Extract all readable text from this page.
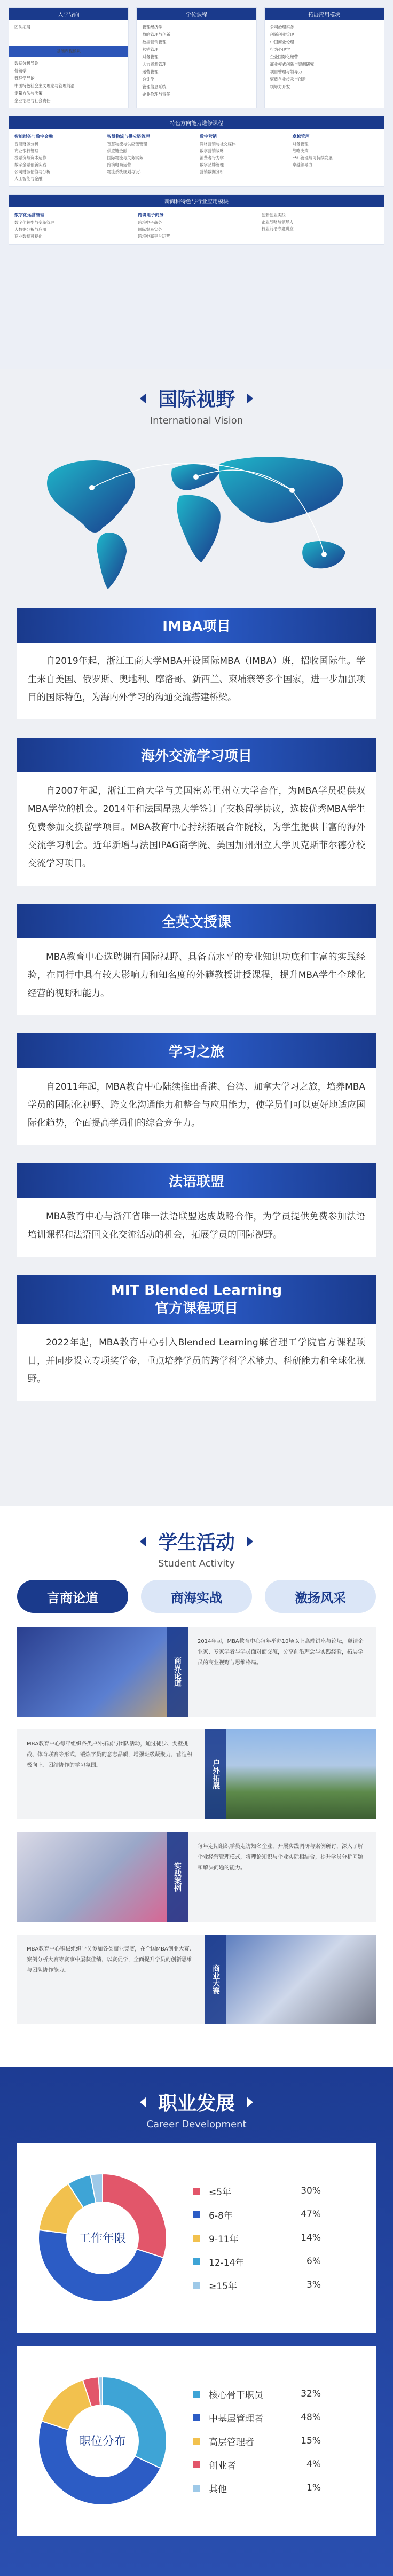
入学导向
团队拓展
基础课程模块
数据分析导论
营销学
管理学导论
中国特色社会主义理论与管理前沿
定量方法与决策
企业治理与社会责任
学位课程
管理经济学
战略管理与创新
数据营销管理
营销管理
财务管理
人力资源管理
运营管理
会计学
管理信息系统
企业伦理与责任
拓展应用模块
公司治理实务
创新创业管理
中国商业伦理
行为心理学
企业国际化经营
商业模式创新与案例研究
项目管理与领导力
家族企业传承与创新
领导力开发
特色方向能力选修课程
智能财务与数字金融
智能财务分析
商业银行管理
投融资与资本运作
数字金融创新实践
公司财务估值与分析
人工智能与金融
智慧物流与供应链管理
智慧物流与供应链管理
供应链金融
国际物流与关务实务
跨境电商运营
物流系统规划与设计
数字营销
网络营销与社交媒体
数字营销战略
消费者行为学
数字品牌管理
营销数据分析
卓越管理
财务管理
战略决策
ESG管理与可持续发展
卓越领导力
新商科特色与行业应用模块
数字化运营管理
数字化转型与变革管理
大数据分析与应用
商业数据可视化
跨境电子商务
跨境电子商务
国际贸易实务
跨境电商平台运营
创新创业实践
企业战略与领导力
行业前沿专题讲座
国际视野
International Vision
IMBA项目
自2019年起，浙江工商大学MBA开设国际MBA（IMBA）班，招收国际生。学生来自美国、俄罗斯、奥地利、摩洛哥、新西兰、柬埔寨等多个国家，进一步加强项目的国际特色，为海内外学习的沟通交流搭建桥梁。
海外交流学习项目
自2007年起，浙江工商大学与美国密苏里州立大学合作，为MBA学员提供双MBA学位的机会。2014年和法国昂热大学签订了交换留学协议，选拔优秀MBA学生免费参加交换留学项目。MBA教育中心持续拓展合作院校，为学生提供丰富的海外交流学习机会。近年新增与法国IPAG商学院、美国加州州立大学贝克斯菲尔德分校交流学习项目。
全英文授课
MBA教育中心选聘拥有国际视野、具备高水平的专业知识功底和丰富的实践经验，在同行中具有较大影响力和知名度的外籍教授讲授课程，提升MBA学生全球化经营的视野和能力。
学习之旅
自2011年起，MBA教育中心陆续推出香港、台湾、加拿大学习之旅，培养MBA学员的国际化视野、跨文化沟通能力和整合与应用能力，使学员们可以更好地适应国际化趋势，全面提高学员们的综合竞争力。
法语联盟
MBA教育中心与浙江省唯一法语联盟达成战略合作，为学员提供免费参加法语培训课程和法语国文化交流活动的机会，拓展学员的国际视野。
MIT Blended Learning
官方课程项目
2022年起，MBA教育中心引入Blended Learning麻省理工学院官方课程项目，并同步设立专项奖学金，重点培养学员的跨学科学术能力、科研能力和全球化视野。
学生活动
Student Activity
言商论道	商海实战	激扬风采
商界论道
2014年起，MBA教育中心每年举办10场以上高端讲座与论坛，邀请企业家、专家学者与学员面对面交流，分享前沿理念与实践经验，拓展学员的商业视野与思维格局。
MBA教育中心每年组织各类户外拓展与团队活动，通过徒步、戈壁挑战、体育联赛等形式，锻炼学员的意志品质，增强班级凝聚力，营造积极向上、团结协作的学习氛围。	户外拓展
实践案例
每年定期组织学员走访知名企业，开展实践调研与案例研讨，深入了解企业经营管理模式，将理论知识与企业实际相结合，提升学员分析问题和解决问题的能力。
MBA教育中心积极组织学员参加各类商业竞赛，在全国MBA创业大赛、案例分析大赛等赛事中屡获佳绩，以赛促学，全面提升学员的创新思维与团队协作能力。	商业大赛
职业发展
Career Development
工作年限
≤5年	30%
6-8年	47%
9-11年	14%
12-14年	6%
≥15年	3%
职位分布
核心骨干职员	32%
中基层管理者	48%
高层管理者	15%
创业者	4%
其他	1%
